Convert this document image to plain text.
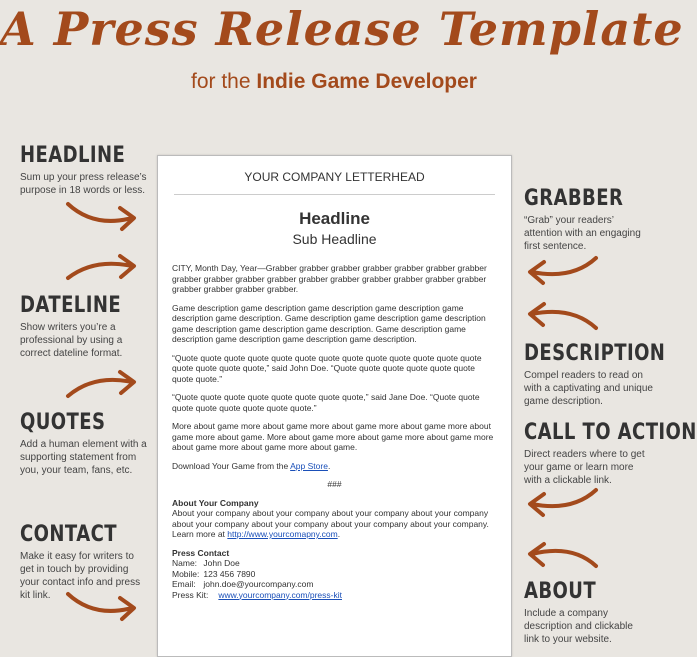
A Press Release Template
for the Indie Game Developer
HEADLINE

Sum up your press release’s purpose in 18 words or less.

DATELINE

Show writers you’re a professional by using a correct dateline format.

QUOTES

Add a human element with a supporting statement from you, your team, fans, etc.

CONTACT

Make it easy for writers to get in touch by providing your contact info and press kit link.

GRABBER

“Grab” your readers’ attention with an engaging first sentence.

DESCRIPTION

Compel readers to read on with a captivating and unique game description.

CALL TO ACTION

Direct readers where to get your game or learn more with a clickable link.

ABOUT

Include a company description and clickable link to your website.

YOUR COMPANY LETTERHEAD
Headline
Sub Headline

CITY, Month Day, Year—Grabber grabber grabber grabber grabber grabber grabber grabber grabber grabber grabber grabber grabber grabber grabber grabber grabber grabber grabber grabber grabber.

Game description game description game description game description game description game description. Game description game description game description game description game description game description. Game description game description game description game description game description.

“Quote quote quote quote quote quote quote quote quote quote quote quote quote quote quote quote quote,” said John Doe. “Quote quote quote quote quote quote quote quote.”

“Quote quote quote quote quote quote quote quote,” said Jane Doe. “Quote quote quote quote quote quote quote quote.”

More about game more about game more about game more about game more about game more about game. More about game more about game more about game more about game more about game more about game.

Download Your Game from the App Store.

###

About Your Company
About your company about your company about your company about your company about your company about your company about your company about your company. Learn more at http://www.yourcomapny.com.

Press Contact
Name: John Doe
Mobile: 123 456 7890
Email: john.doe@yourcompany.com
Press Kit: www.yourcompany.com/press-kit
